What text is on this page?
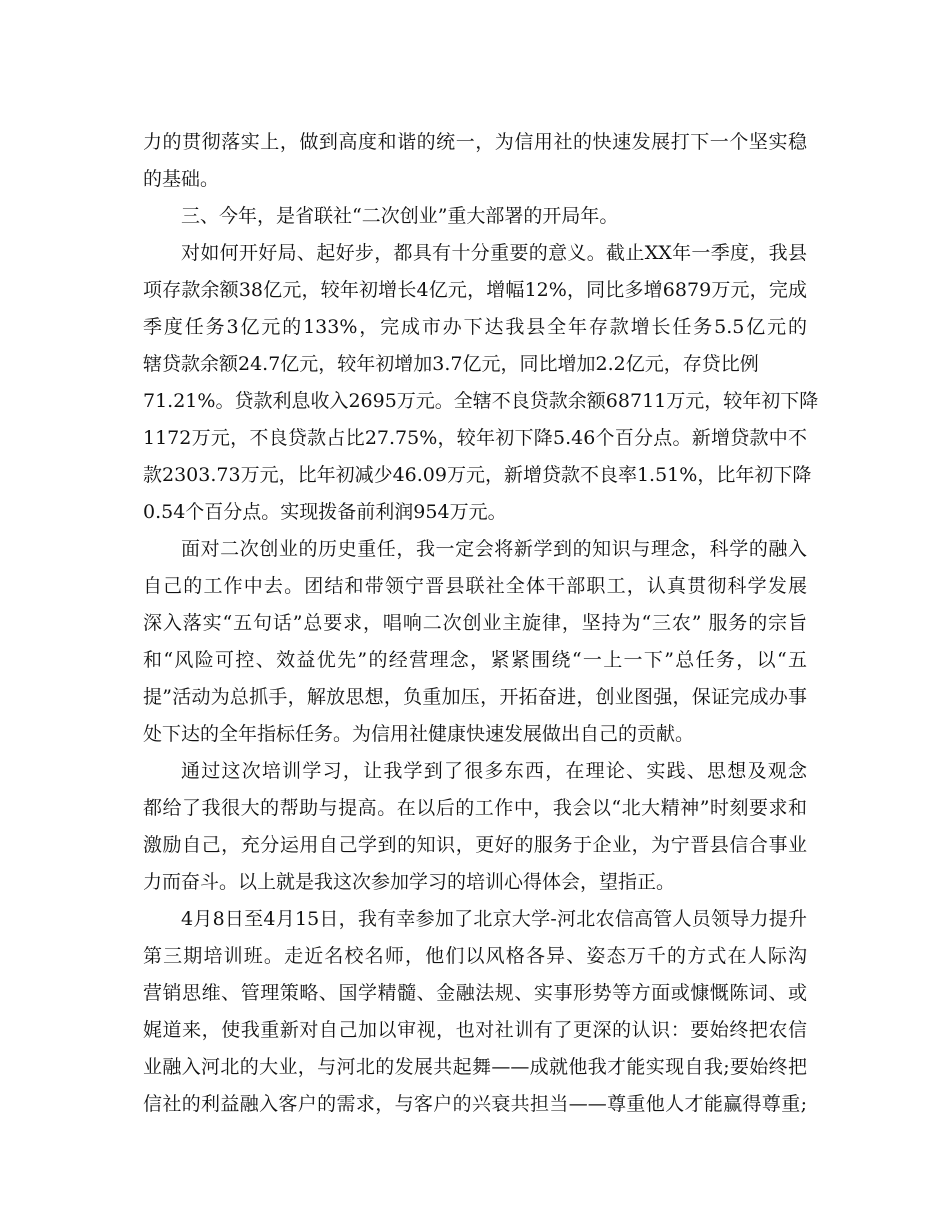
力的贯彻落实上，做到高度和谐的统一，为信用社的快速发展打下一个坚实稳
的基础。
三、今年，是省联社“二次创业”重大部署的开局年。
对如何开好局、起好步，都具有十分重要的意义。截止XX年一季度，我县
项存款余额38亿元，较年初增长4亿元，增幅12%，同比多增6879万元，完成
季度任务3亿元的133%，完成市办下达我县全年存款增长任务5.5亿元的
辖贷款余额24.7亿元，较年初增加3.7亿元，同比增加2.2亿元，存贷比例
71.21%。贷款利息收入2695万元。全辖不良贷款余额68711万元，较年初下降
1172万元，不良贷款占比27.75%，较年初下降5.46个百分点。新增贷款中不
款2303.73万元，比年初减少46.09万元，新增贷款不良率1.51%，比年初下降
0.54个百分点。实现拨备前利润954万元。
面对二次创业的历史重任，我一定会将新学到的知识与理念，科学的融入
自己的工作中去。团结和带领宁晋县联社全体干部职工，认真贯彻科学发展
深入落实“五句话”总要求，唱响二次创业主旋律，坚持为“三农” 服务的宗旨
和“风险可控、效益优先”的经营理念，紧紧围绕“一上一下”总任务，以“五
提”活动为总抓手，解放思想，负重加压，开拓奋进，创业图强，保证完成办事
处下达的全年指标任务。为信用社健康快速发展做出自己的贡献。
通过这次培训学习，让我学到了很多东西，在理论、实践、思想及观念
都给了我很大的帮助与提高。在以后的工作中，我会以“北大精神”时刻要求和
激励自己，充分运用自己学到的知识，更好的服务于企业，为宁晋县信合事业
力而奋斗。以上就是我这次参加学习的培训心得体会，望指正。
4月8日至4月15日，我有幸参加了北京大学-河北农信高管人员领导力提升
第三期培训班。走近名校名师，他们以风格各异、姿态万千的方式在人际沟
营销思维、管理策略、国学精髓、金融法规、实事形势等方面或慷慨陈词、或
娓道来，使我重新对自己加以审视，也对社训有了更深的认识：要始终把农信
业融入河北的大业，与河北的发展共起舞——成就他我才能实现自我;要始终把
信社的利益融入客户的需求，与客户的兴衰共担当——尊重他人才能赢得尊重;
